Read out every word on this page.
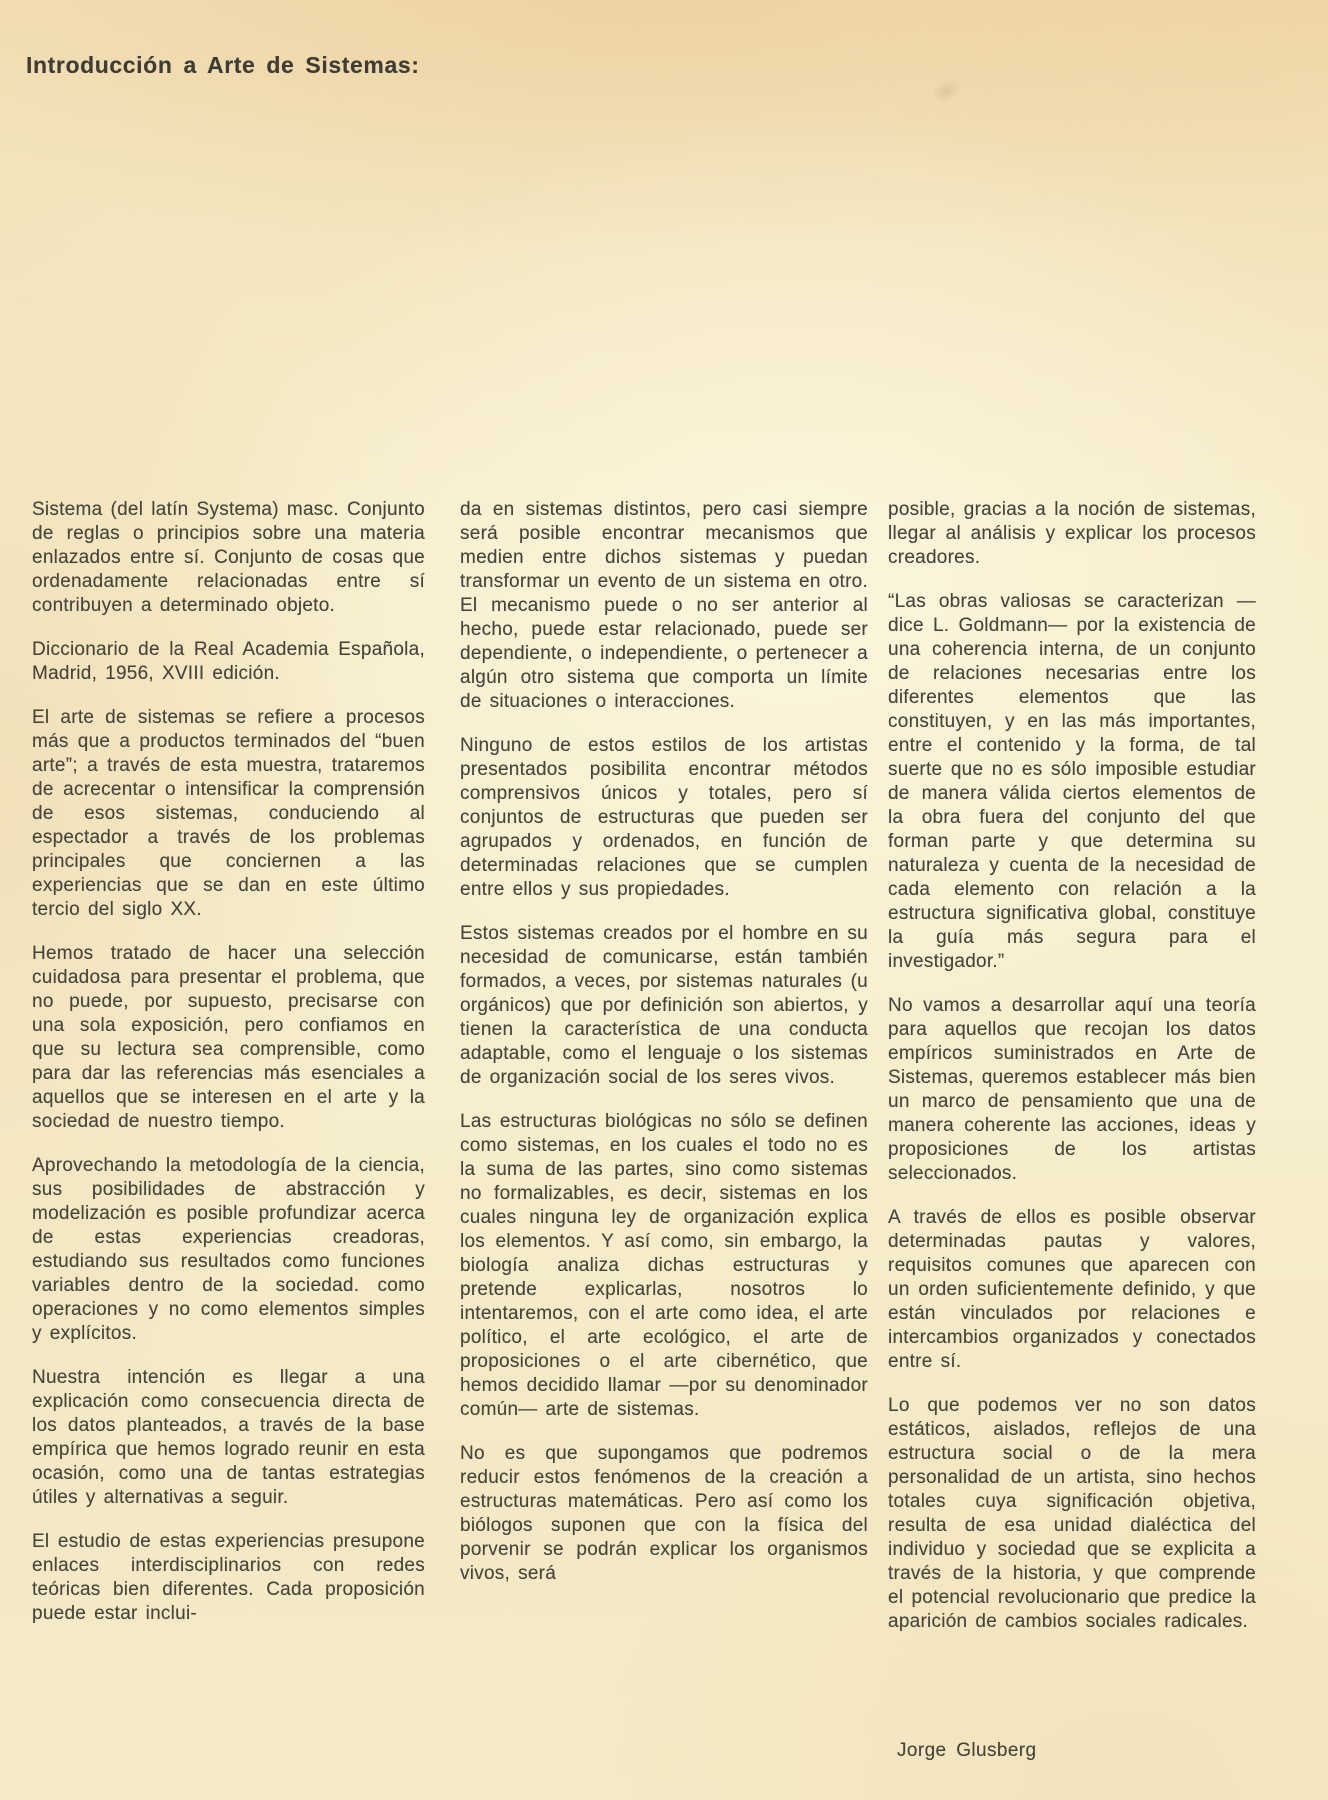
Introducción a Arte de Sistemas:

Sistema (del latín Systema) masc. Conjunto de reglas o principios sobre una materia enlazados entre sí. Conjunto de cosas que ordenadamente relacionadas entre sí contribuyen a determinado objeto.

Diccionario de la Real Academia Española, Madrid, 1956, XVIII edición.

El arte de sistemas se refiere a procesos más que a productos terminados del “buen arte”; a través de esta muestra, trataremos de acrecentar o intensificar la comprensión de esos sistemas, conduciendo al espectador a través de los problemas principales que conciernen a las experiencias que se dan en este último tercio del siglo XX.

Hemos tratado de hacer una selección cuidadosa para presentar el problema, que no puede, por supuesto, precisarse con una sola exposición, pero confiamos en que su lectura sea comprensible, como para dar las referencias más esenciales a aquellos que se interesen en el arte y la sociedad de nuestro tiempo.

Aprovechando la metodología de la ciencia, sus posibilidades de abstracción y modelización es posible profundizar acerca de estas experiencias creadoras, estudiando sus resultados como funciones variables dentro de la sociedad. como operaciones y no como elementos simples y explícitos.

Nuestra intención es llegar a una explicación como consecuencia directa de los datos planteados, a través de la base empírica que hemos logrado reunir en esta ocasión, como una de tantas estrategias útiles y alternativas a seguir.

El estudio de estas experiencias presupone enlaces interdisciplinarios con redes teóricas bien diferentes. Cada proposición puede estar inclui-

da en sistemas distintos, pero casi siempre será posible encontrar mecanismos que medien entre dichos sistemas y puedan transformar un evento de un sistema en otro. El mecanismo puede o no ser anterior al hecho, puede estar relacionado, puede ser dependiente, o independiente, o pertenecer a algún otro sistema que comporta un límite de situaciones o interacciones.

Ninguno de estos estilos de los artistas presentados posibilita encontrar métodos comprensivos únicos y totales, pero sí conjuntos de estructuras que pueden ser agrupados y ordenados, en función de determinadas relaciones que se cumplen entre ellos y sus propiedades.

Estos sistemas creados por el hombre en su necesidad de comunicarse, están también formados, a veces, por sistemas naturales (u orgánicos) que por definición son abiertos, y tienen la característica de una conducta adaptable, como el lenguaje o los sistemas de organización social de los seres vivos.

Las estructuras biológicas no sólo se definen como sistemas, en los cuales el todo no es la suma de las partes, sino como sistemas no formalizables, es decir, sistemas en los cuales ninguna ley de organización explica los elementos. Y así como, sin embargo, la biología analiza dichas estructuras y pretende explicarlas, nosotros lo intentaremos, con el arte como idea, el arte político, el arte ecológico, el arte de proposiciones o el arte cibernético, que hemos decidido llamar —por su denominador común— arte de sistemas.

No es que supongamos que podremos reducir estos fenómenos de la creación a estructuras matemáticas. Pero así como los biólogos suponen que con la física del porvenir se podrán explicar los organismos vivos, será

posible, gracias a la noción de sistemas, llegar al análisis y explicar los procesos creadores.

“Las obras valiosas se caracterizan —dice L. Goldmann— por la existencia de una coherencia interna, de un conjunto de relaciones necesarias entre los diferentes elementos que las constituyen, y en las más importantes, entre el contenido y la forma, de tal suerte que no es sólo imposible estudiar de manera válida ciertos elementos de la obra fuera del conjunto del que forman parte y que determina su naturaleza y cuenta de la necesidad de cada elemento con relación a la estructura significativa global, constituye la guía más segura para el investigador.”

No vamos a desarrollar aquí una teoría para aquellos que recojan los datos empíricos suministrados en Arte de Sistemas, queremos establecer más bien un marco de pensamiento que una de manera coherente las acciones, ideas y proposiciones de los artistas seleccionados.

A través de ellos es posible observar determinadas pautas y valores, requisitos comunes que aparecen con un orden suficientemente definido, y que están vinculados por relaciones e intercambios organizados y conectados entre sí.

Lo que podemos ver no son datos estáticos, aislados, reflejos de una estructura social o de la mera personalidad de un artista, sino hechos totales cuya significación objetiva, resulta de esa unidad dialéctica del individuo y sociedad que se explicita a través de la historia, y que comprende el potencial revolucionario que predice la aparición de cambios sociales radicales.

Jorge Glusberg
